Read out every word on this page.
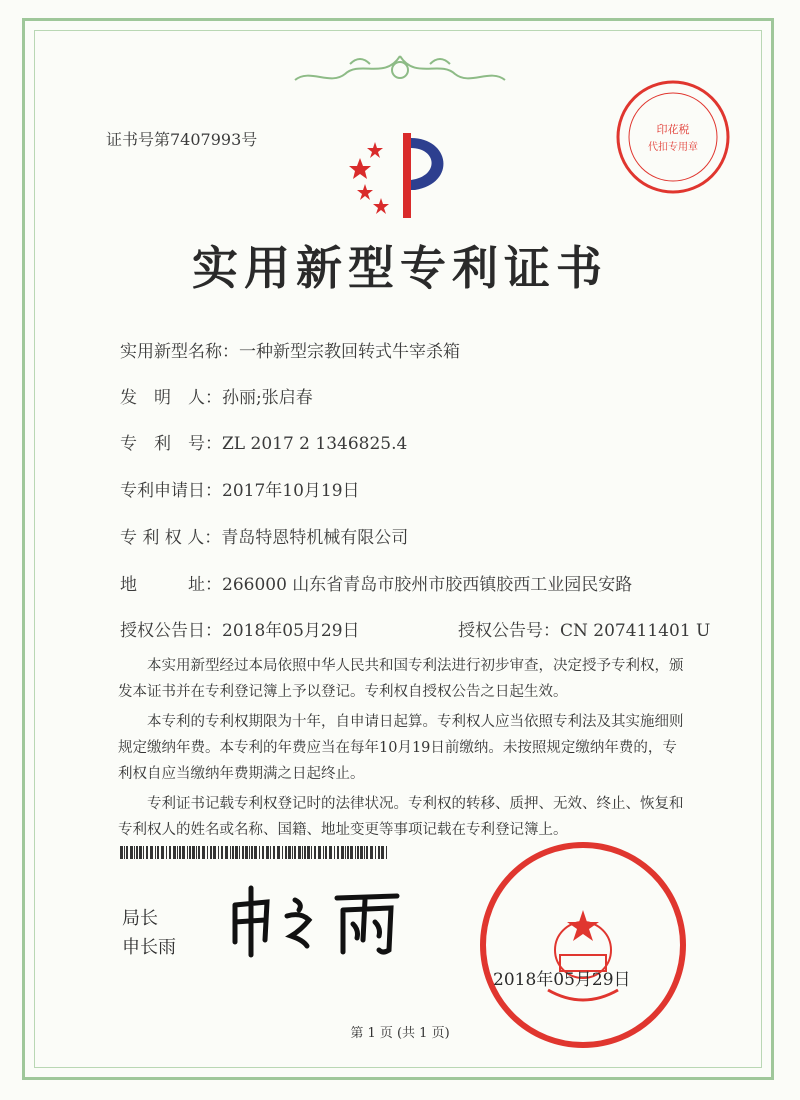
印花税
代扣专用章
证书号第7407993号
实用新型专利证书
实用新型名称：一种新型宗教回转式牛宰杀箱
发　明　人：孙丽;张启春
专　利　号：ZL 2017 2 1346825.4
专利申请日：2017年10月19日
专 利 权 人：青岛特恩特机械有限公司
地　　　址：266000 山东省青岛市胶州市胶西镇胶西工业园民安路
授权公告日：2018年05月29日	授权公告号：CN 207411401 U

本实用新型经过本局依照中华人民共和国专利法进行初步审查，决定授予专利权，颁发本证书并在专利登记簿上予以登记。专利权自授权公告之日起生效。

本专利的专利权期限为十年，自申请日起算。专利权人应当依照专利法及其实施细则规定缴纳年费。本专利的年费应当在每年10月19日前缴纳。未按照规定缴纳年费的，专利权自应当缴纳年费期满之日起终止。

专利证书记载专利权登记时的法律状况。专利权的转移、质押、无效、终止、恢复和专利权人的姓名或名称、国籍、地址变更等事项记载在专利登记簿上。

局长
申长雨
2018年05月29日
第 1 页 (共 1 页)
